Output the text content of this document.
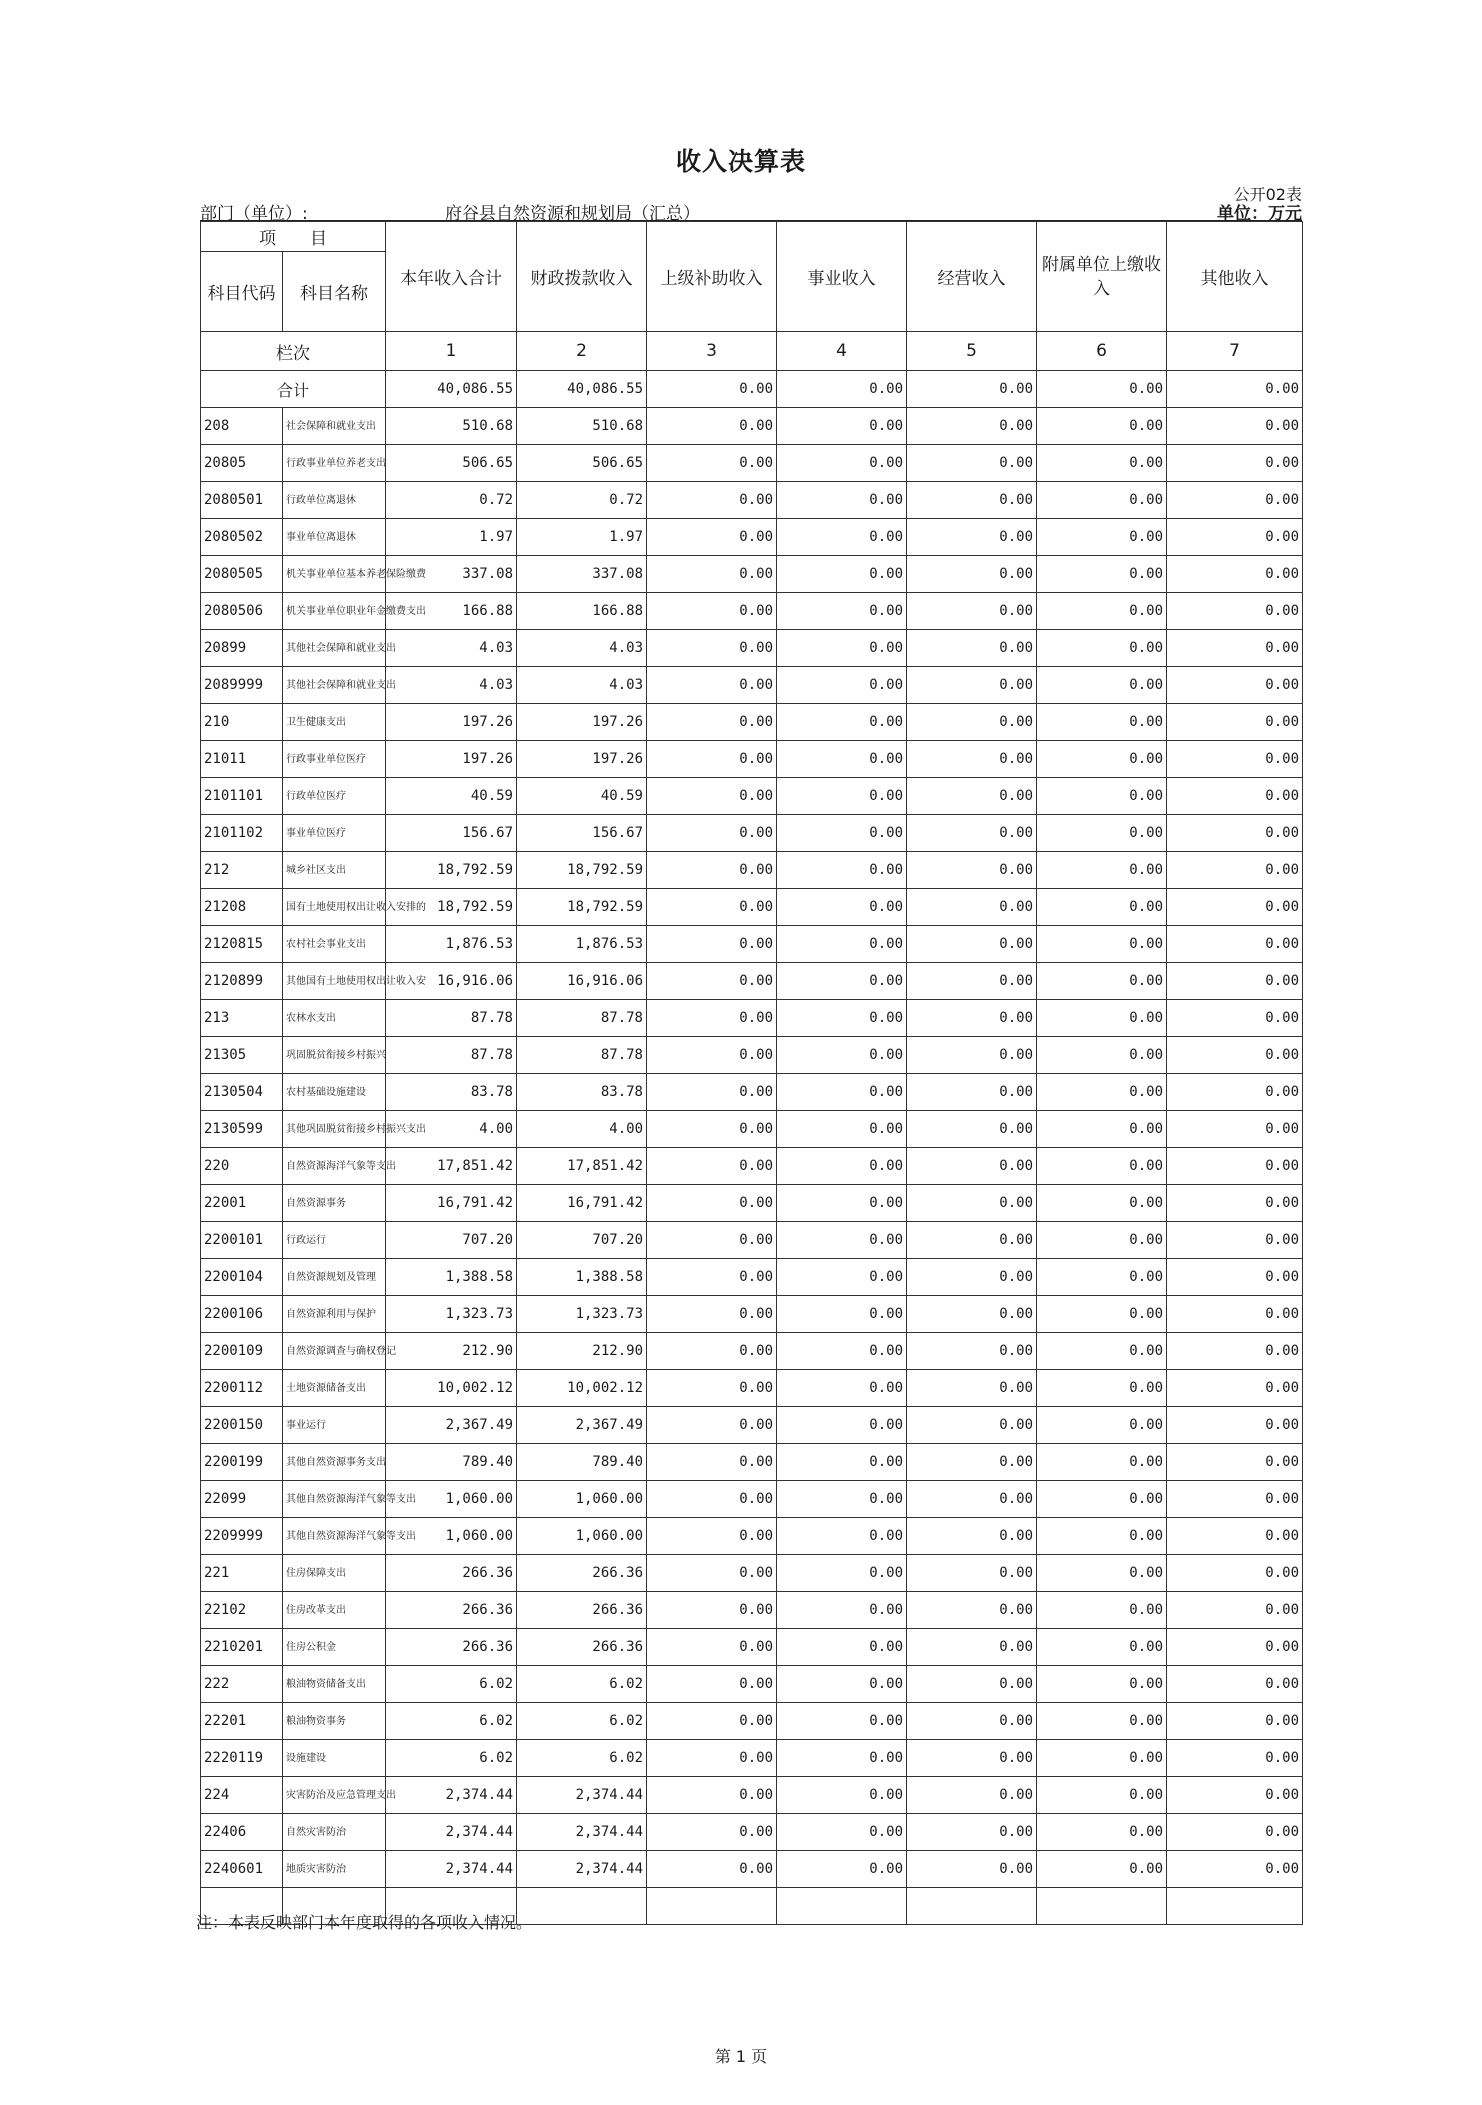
收入决算表
公开02表
部门（单位）:	府谷县自然资源和规划局（汇总）	单位：万元
项　　目		本年收入合计	财政拨款收入	上级补助收入	事业收入	经营收入	附属单位上缴收入	其他收入
科目代码	科目名称							
栏次		1	2	3	4	5	6	7
合计		40,086.55	40,086.55	0.00	0.00	0.00	0.00	0.00
208	社会保障和就业支出	510.68	510.68	0.00	0.00	0.00	0.00	0.00
20805	行政事业单位养老支出	506.65	506.65	0.00	0.00	0.00	0.00	0.00
2080501	行政单位离退休	0.72	0.72	0.00	0.00	0.00	0.00	0.00
2080502	事业单位离退休	1.97	1.97	0.00	0.00	0.00	0.00	0.00
2080505	机关事业单位基本养老保险缴费	337.08	337.08	0.00	0.00	0.00	0.00	0.00
2080506	机关事业单位职业年金缴费支出	166.88	166.88	0.00	0.00	0.00	0.00	0.00
20899	其他社会保障和就业支出	4.03	4.03	0.00	0.00	0.00	0.00	0.00
2089999	其他社会保障和就业支出	4.03	4.03	0.00	0.00	0.00	0.00	0.00
210	卫生健康支出	197.26	197.26	0.00	0.00	0.00	0.00	0.00
21011	行政事业单位医疗	197.26	197.26	0.00	0.00	0.00	0.00	0.00
2101101	行政单位医疗	40.59	40.59	0.00	0.00	0.00	0.00	0.00
2101102	事业单位医疗	156.67	156.67	0.00	0.00	0.00	0.00	0.00
212	城乡社区支出	18,792.59	18,792.59	0.00	0.00	0.00	0.00	0.00
21208	国有土地使用权出让收入安排的	18,792.59	18,792.59	0.00	0.00	0.00	0.00	0.00
2120815	农村社会事业支出	1,876.53	1,876.53	0.00	0.00	0.00	0.00	0.00
2120899	其他国有土地使用权出让收入安	16,916.06	16,916.06	0.00	0.00	0.00	0.00	0.00
213	农林水支出	87.78	87.78	0.00	0.00	0.00	0.00	0.00
21305	巩固脱贫衔接乡村振兴	87.78	87.78	0.00	0.00	0.00	0.00	0.00
2130504	农村基础设施建设	83.78	83.78	0.00	0.00	0.00	0.00	0.00
2130599	其他巩固脱贫衔接乡村振兴支出	4.00	4.00	0.00	0.00	0.00	0.00	0.00
220	自然资源海洋气象等支出	17,851.42	17,851.42	0.00	0.00	0.00	0.00	0.00
22001	自然资源事务	16,791.42	16,791.42	0.00	0.00	0.00	0.00	0.00
2200101	行政运行	707.20	707.20	0.00	0.00	0.00	0.00	0.00
2200104	自然资源规划及管理	1,388.58	1,388.58	0.00	0.00	0.00	0.00	0.00
2200106	自然资源利用与保护	1,323.73	1,323.73	0.00	0.00	0.00	0.00	0.00
2200109	自然资源调查与确权登记	212.90	212.90	0.00	0.00	0.00	0.00	0.00
2200112	土地资源储备支出	10,002.12	10,002.12	0.00	0.00	0.00	0.00	0.00
2200150	事业运行	2,367.49	2,367.49	0.00	0.00	0.00	0.00	0.00
2200199	其他自然资源事务支出	789.40	789.40	0.00	0.00	0.00	0.00	0.00
22099	其他自然资源海洋气象等支出	1,060.00	1,060.00	0.00	0.00	0.00	0.00	0.00
2209999	其他自然资源海洋气象等支出	1,060.00	1,060.00	0.00	0.00	0.00	0.00	0.00
221	住房保障支出	266.36	266.36	0.00	0.00	0.00	0.00	0.00
22102	住房改革支出	266.36	266.36	0.00	0.00	0.00	0.00	0.00
2210201	住房公积金	266.36	266.36	0.00	0.00	0.00	0.00	0.00
222	粮油物资储备支出	6.02	6.02	0.00	0.00	0.00	0.00	0.00
22201	粮油物资事务	6.02	6.02	0.00	0.00	0.00	0.00	0.00
2220119	设施建设	6.02	6.02	0.00	0.00	0.00	0.00	0.00
224	灾害防治及应急管理支出	2,374.44	2,374.44	0.00	0.00	0.00	0.00	0.00
22406	自然灾害防治	2,374.44	2,374.44	0.00	0.00	0.00	0.00	0.00
2240601	地质灾害防治	2,374.44	2,374.44	0.00	0.00	0.00	0.00	0.00

注：本表反映部门本年度取得的各项收入情况。
第 1 页
